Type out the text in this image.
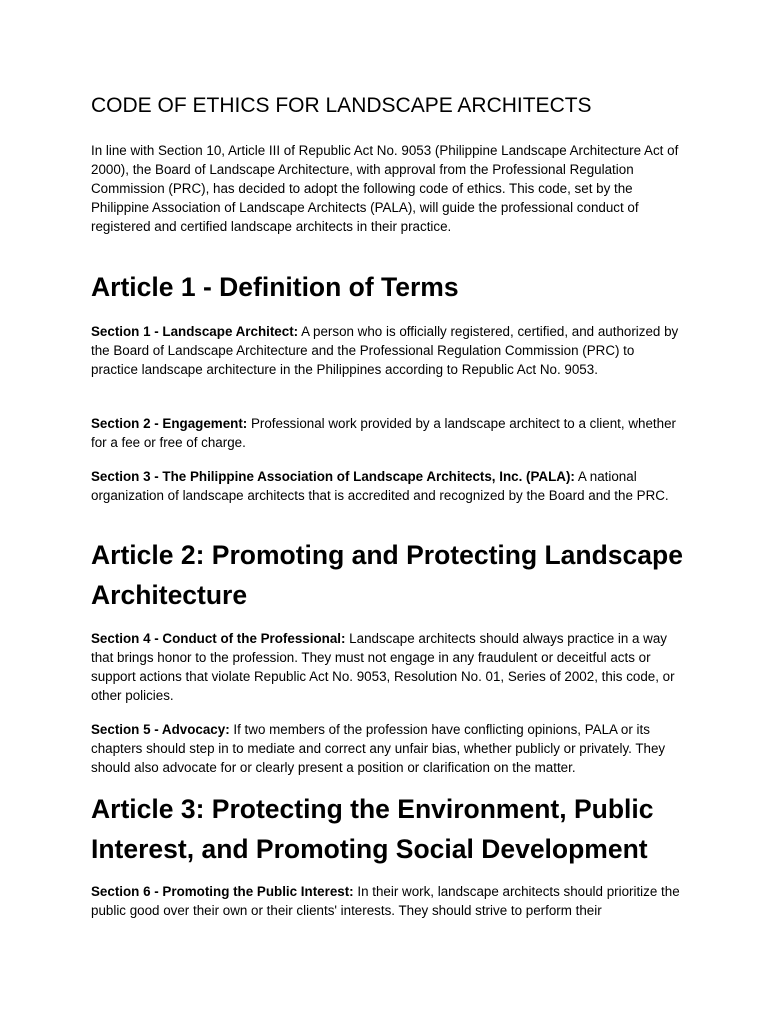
CODE OF ETHICS FOR LANDSCAPE ARCHITECTS

In line with Section 10, Article III of Republic Act No. 9053 (Philippine Landscape Architecture Act of 2000), the Board of Landscape Architecture, with approval from the Professional Regulation Commission (PRC), has decided to adopt the following code of ethics. This code, set by the Philippine Association of Landscape Architects (PALA), will guide the professional conduct of registered and certified landscape architects in their practice.

Article 1 - Definition of Terms

Section 1 - Landscape Architect: A person who is officially registered, certified, and authorized by the Board of Landscape Architecture and the Professional Regulation Commission (PRC) to practice landscape architecture in the Philippines according to Republic Act No. 9053.

Section 2 - Engagement: Professional work provided by a landscape architect to a client, whether for a fee or free of charge.

Section 3 - The Philippine Association of Landscape Architects, Inc. (PALA): A national organization of landscape architects that is accredited and recognized by the Board and the PRC.

Article 2: Promoting and Protecting Landscape Architecture

Section 4 - Conduct of the Professional: Landscape architects should always practice in a way that brings honor to the profession. They must not engage in any fraudulent or deceitful acts or support actions that violate Republic Act No. 9053, Resolution No. 01, Series of 2002, this code, or other policies.

Section 5 - Advocacy: If two members of the profession have conflicting opinions, PALA or its chapters should step in to mediate and correct any unfair bias, whether publicly or privately. They should also advocate for or clearly present a position or clarification on the matter.

Article 3: Protecting the Environment, Public Interest, and Promoting Social Development

Section 6 - Promoting the Public Interest: In their work, landscape architects should prioritize the public good over their own or their clients' interests. They should strive to perform their
